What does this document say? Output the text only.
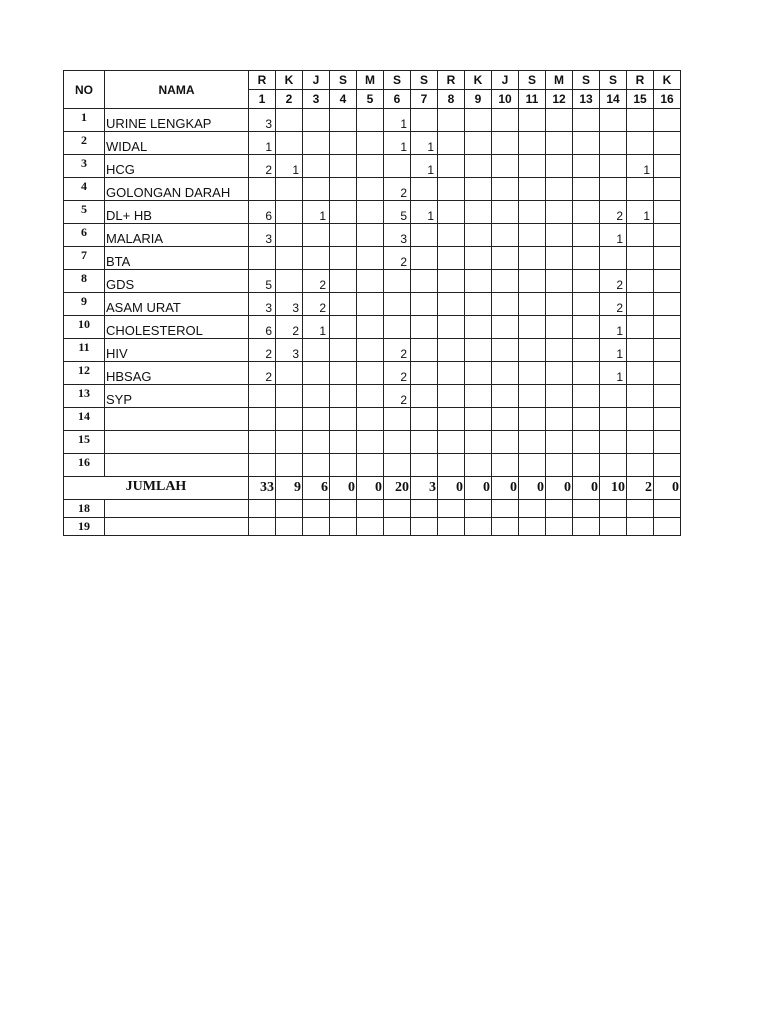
NO	NAMA	R	K	J	S	M	S	S	R	K	J	S	M	S	S	R	K
		1	2	3	4	5	6	7	8	9	10	11	12	13	14	15	16
1	URINE LENGKAP	3					1										
2	WIDAL	1					1	1									
3	HCG	2	1					1								1	
4	GOLONGAN DARAH						2										
5	DL+ HB	6		1			5	1							2	1	
6	MALARIA	3					3								1		
7	BTA						2										
8	GDS	5		2											2		
9	ASAM URAT	3	3	2											2		
10	CHOLESTEROL	6	2	1											1		
11	HIV	2	3				2								1		
12	HBSAG	2					2								1		
13	SYP						2										
14																	
15																	
16																	
JUMLAH		33	9	6	0	0	20	3	0	0	0	0	0	0	10	2	0
18																	
19																	
